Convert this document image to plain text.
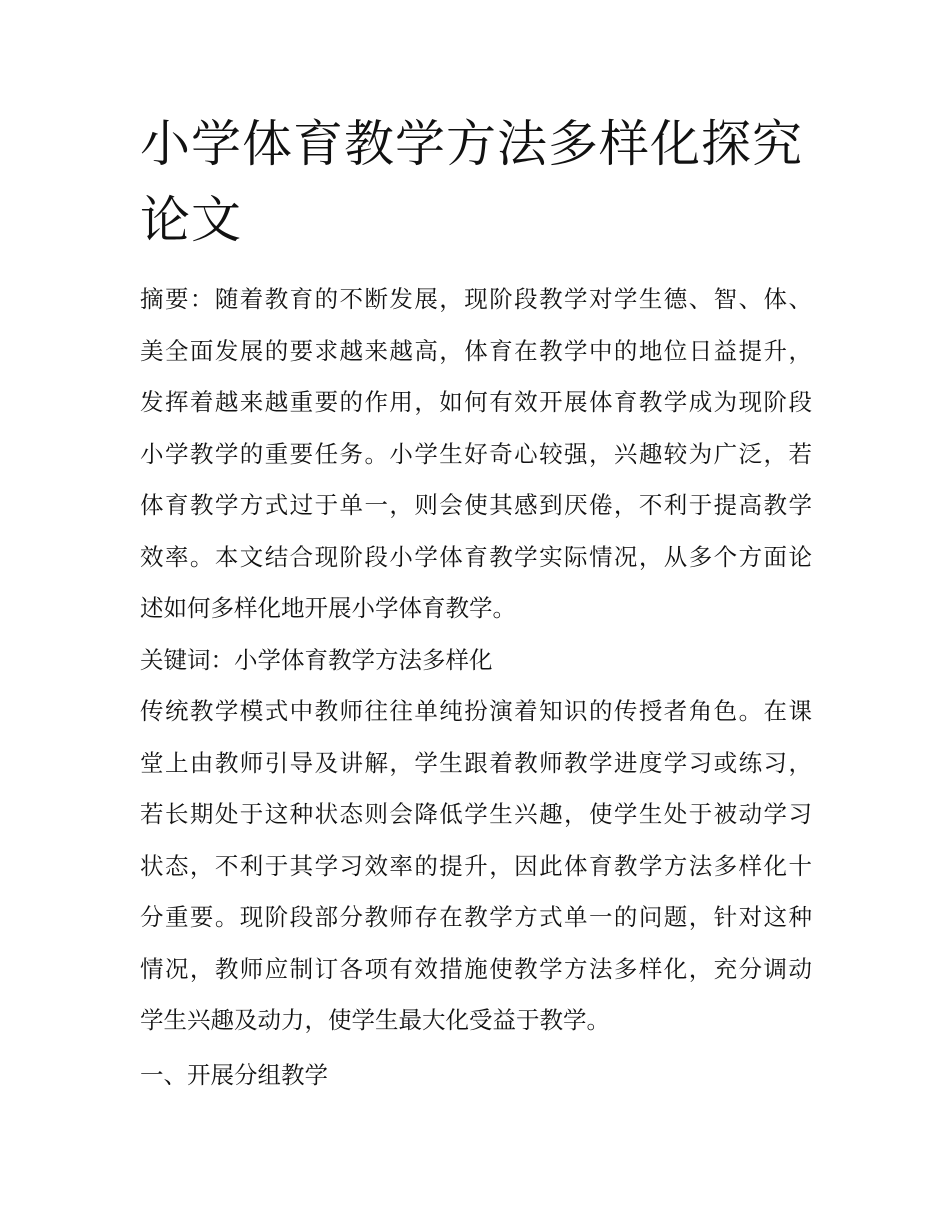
小学体育教学方法多样化探究
论文

摘要：随着教育的不断发展，现阶段教学对学生德、智、体、
美全面发展的要求越来越高，体育在教学中的地位日益提升，
发挥着越来越重要的作用，如何有效开展体育教学成为现阶段
小学教学的重要任务。小学生好奇心较强，兴趣较为广泛，若
体育教学方式过于单一，则会使其感到厌倦，不利于提高教学
效率。本文结合现阶段小学体育教学实际情况，从多个方面论
述如何多样化地开展小学体育教学。

关键词：小学体育教学方法多样化

传统教学模式中教师往往单纯扮演着知识的传授者角色。在课
堂上由教师引导及讲解，学生跟着教师教学进度学习或练习，
若长期处于这种状态则会降低学生兴趣，使学生处于被动学习
状态，不利于其学习效率的提升，因此体育教学方法多样化十
分重要。现阶段部分教师存在教学方式单一的问题，针对这种
情况，教师应制订各项有效措施使教学方法多样化，充分调动
学生兴趣及动力，使学生最大化受益于教学。

一、开展分组教学
